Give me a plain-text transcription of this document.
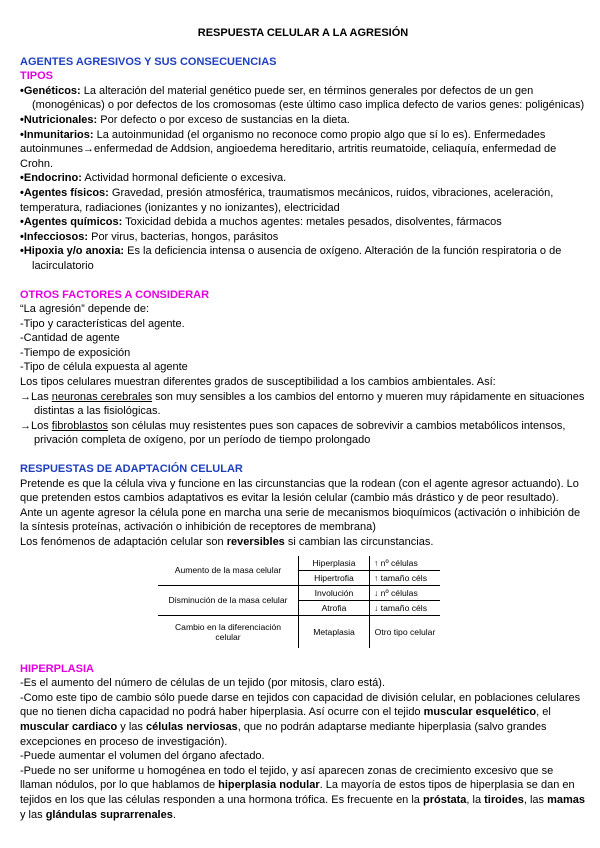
RESPUESTA CELULAR A LA AGRESIÓN

AGENTES AGRESIVOS Y SUS CONSECUENCIAS

TIPOS

•Genéticos: La alteración del material genético puede ser, en términos generales por defectos de un gen (monogénicas) o por defectos de los cromosomas (este último caso implica defecto de varios genes: poligénicas)

•Nutricionales: Por defecto o por exceso de sustancias en la dieta.

•Inmunitarios: La autoinmunidad (el organismo no reconoce como propio algo que sí lo es). Enfermedades autoinmunes→enfermedad de Addsion, angioedema hereditario, artritis reumatoide, celiaquía, enfermedad de Crohn.

•Endocrino: Actividad hormonal deficiente o excesiva.

•Agentes físicos: Gravedad, presión atmosférica, traumatismos mecánicos, ruidos, vibraciones, aceleración, temperatura, radiaciones (ionizantes y no ionizantes), electricidad

•Agentes químicos: Toxicidad debida a muchos agentes: metales pesados, disolventes, fármacos

•Infecciosos: Por virus, bacterias, hongos, parásitos

•Hipoxia y/o anoxia: Es la deficiencia intensa o ausencia de oxígeno. Alteración de la función respiratoria o de lacirculatorio

OTROS FACTORES A CONSIDERAR

“La agresión” depende de:

-Tipo y características del agente.

-Cantidad de agente

-Tiempo de exposición

-Tipo de célula expuesta al agente

Los tipos celulares muestran diferentes grados de susceptibilidad a los cambios ambientales. Así:

→Las neuronas cerebrales son muy sensibles a los cambios del entorno y mueren muy rápidamente en situaciones distintas a las fisiológicas.

→Los fibroblastos son células muy resistentes pues son capaces de sobrevivir a cambios metabólicos intensos, privación completa de oxígeno, por un período de tiempo prolongado

RESPUESTAS DE ADAPTACIÓN CELULAR

Pretende es que la célula viva y funcione en las circunstancias que la rodean (con el agente agresor actuando). Lo que pretenden estos cambios adaptativos es evitar la lesión celular (cambio más drástico y de peor resultado).

Ante un agente agresor la célula pone en marcha una serie de mecanismos bioquímicos (activación o inhibición de la síntesis proteínas, activación o inhibición de receptores de membrana)

Los fenómenos de adaptación celular son reversibles si cambian las circunstancias.

Aumento de la masa celular	Hiperplasia	↑ nº células
	Hipertrofia	↑ tamaño céls
Disminución de la masa celular	Involución	↓ nº células
	Atrofia	↓ tamaño céls
Cambio en la diferenciación celular	Metaplasia	Otro tipo celular

HIPERPLASIA

-Es el aumento del número de células de un tejido (por mitosis, claro está).

-Como este tipo de cambio sólo puede darse en tejidos con capacidad de división celular, en poblaciones celulares que no tienen dicha capacidad no podrá haber hiperplasia. Así ocurre con el tejido muscular esquelético, el muscular cardiaco y las células nerviosas, que no podrán adaptarse mediante hiperplasia (salvo grandes excepciones en proceso de investigación).

-Puede aumentar el volumen del órgano afectado.

-Puede no ser uniforme u homogénea en todo el tejido, y así aparecen zonas de crecimiento excesivo que se llaman nódulos, por lo que hablamos de hiperplasia nodular. La mayoría de estos tipos de hiperplasia se dan en tejidos en los que las células responden a una hormona trófica. Es frecuente en la próstata, la tiroides, las mamas y las glándulas suprarrenales.
